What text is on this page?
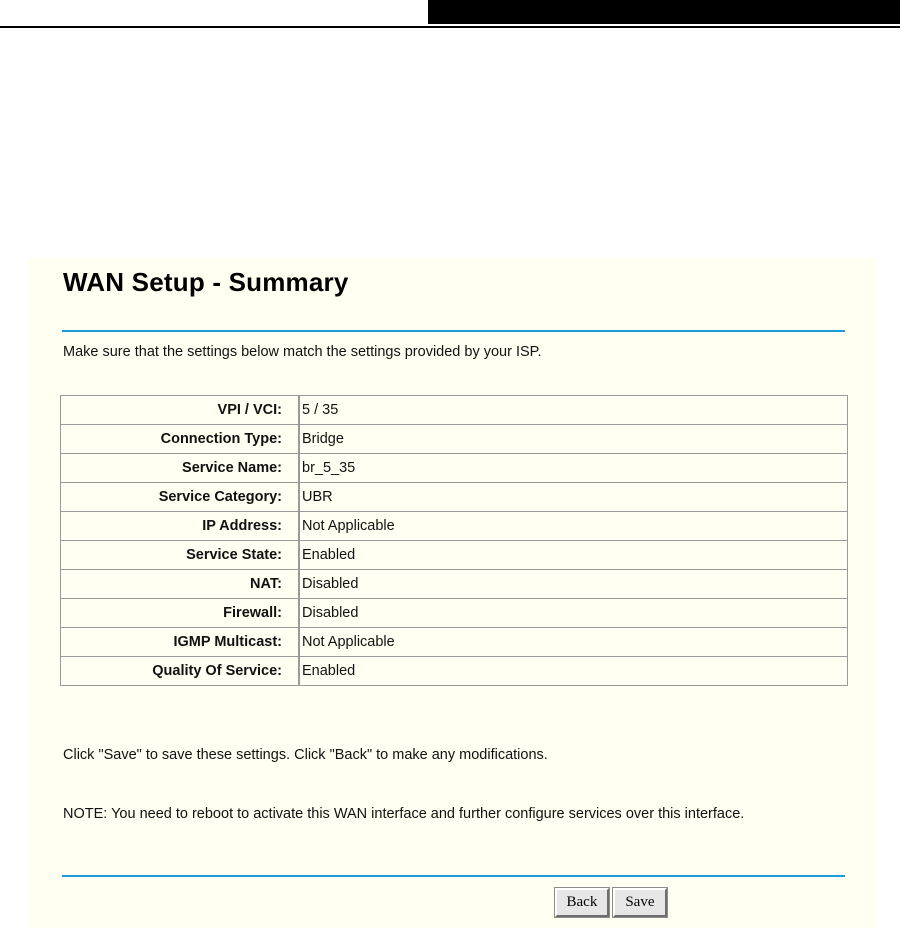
WAN Setup - Summary
Make sure that the settings below match the settings provided by your ISP.
VPI / VCI:	5 / 35
Connection Type:	Bridge
Service Name:	br_5_35
Service Category:	UBR
IP Address:	Not Applicable
Service State:	Enabled
NAT:	Disabled
Firewall:	Disabled
IGMP Multicast:	Not Applicable
Quality Of Service:	Enabled
Click "Save" to save these settings. Click "Back" to make any modifications.
NOTE: You need to reboot to activate this WAN interface and further configure services over this interface.
Back Save
